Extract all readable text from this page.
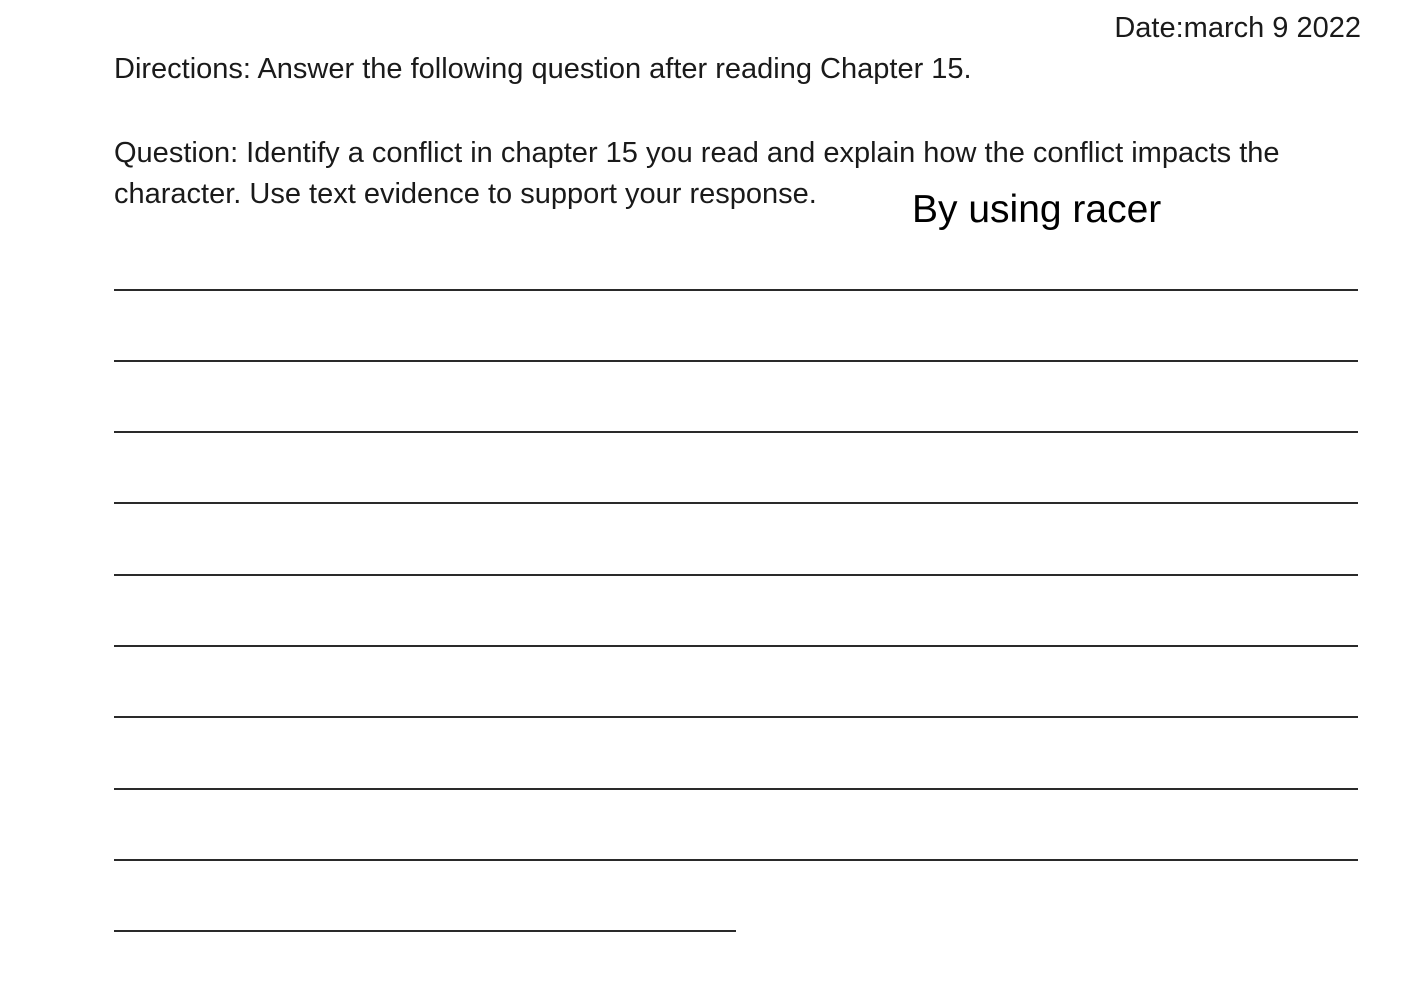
Date:march 9 2022
Directions: Answer the following question after reading Chapter 15.
Question: Identify a conflict in chapter 15 you read and explain how the conflict impacts the character. Use text evidence to support your response.	By using racer
